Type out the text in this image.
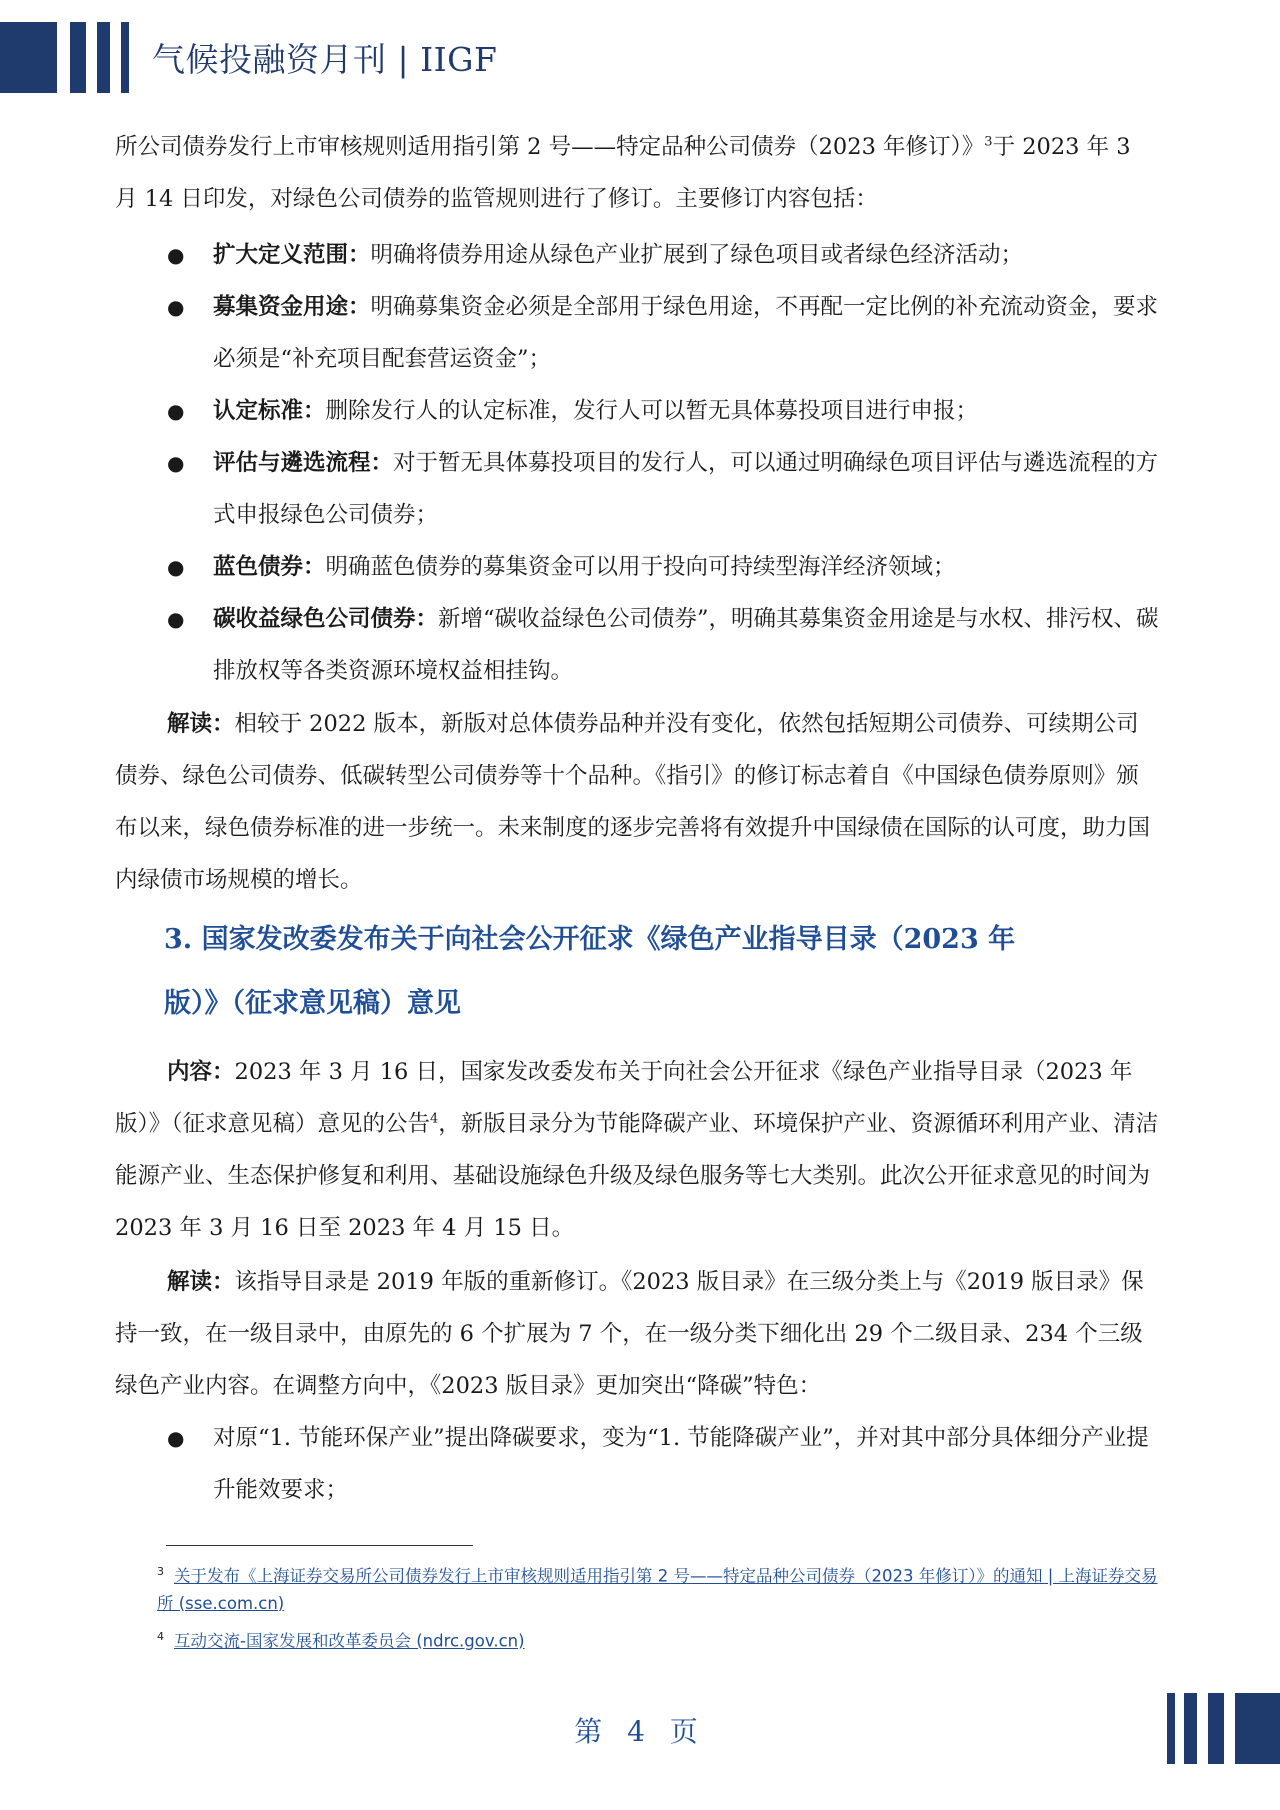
气候投融资月刊 | IIGF

所公司债券发行上市审核规则适用指引第 2 号——特定品种公司债券（2023 年修订）》$^3$于 2023 年 3 月 14 日印发，对绿色公司债券的监管规则进行了修订。主要修订内容包括：

● 扩大定义范围：明确将债券用途从绿色产业扩展到了绿色项目或者绿色经济活动；
● 募集资金用途：明确募集资金必须是全部用于绿色用途，不再配一定比例的补充流动资金，要求必须是“补充项目配套营运资金”；
● 认定标准：删除发行人的认定标准，发行人可以暂无具体募投项目进行申报；
● 评估与遴选流程：对于暂无具体募投项目的发行人，可以通过明确绿色项目评估与遴选流程的方式申报绿色公司债券；
● 蓝色债券：明确蓝色债券的募集资金可以用于投向可持续型海洋经济领域；
● 碳收益绿色公司债券：新增“碳收益绿色公司债券”，明确其募集资金用途是与水权、排污权、碳排放权等各类资源环境权益相挂钩。

解读：相较于 2022 版本，新版对总体债券品种并没有变化，依然包括短期公司债券、可续期公司债券、绿色公司债券、低碳转型公司债券等十个品种。《指引》的修订标志着自《中国绿色债券原则》颁布以来，绿色债券标准的进一步统一。未来制度的逐步完善将有效提升中国绿债在国际的认可度，助力国内绿债市场规模的增长。

3. 国家发改委发布关于向社会公开征求《绿色产业指导目录（2023 年
版）》（征求意见稿）意见

内容：2023 年 3 月 16 日，国家发改委发布关于向社会公开征求《绿色产业指导目录（2023 年版）》（征求意见稿）意见的公告$^4$，新版目录分为节能降碳产业、环境保护产业、资源循环利用产业、清洁能源产业、生态保护修复和利用、基础设施绿色升级及绿色服务等七大类别。此次公开征求意见的时间为 2023 年 3 月 16 日至 2023 年 4 月 15 日。

解读：该指导目录是 2019 年版的重新修订。《2023 版目录》在三级分类上与《2019 版目录》保持一致，在一级目录中，由原先的 6 个扩展为 7 个，在一级分类下细化出 29 个二级目录、234 个三级绿色产业内容。在调整方向中，《2023 版目录》更加突出“降碳”特色：

● 对原“1. 节能环保产业”提出降碳要求，变为“1. 节能降碳产业”，并对其中部分具体细分产业提升能效要求；
$^3$ 关于发布《上海证券交易所公司债券发行上市审核规则适用指引第 2 号——特定品种公司债券（2023 年修订）》的通知 | 上海证券交易所 (sse.com.cn)
$^4$ 互动交流-国家发展和改革委员会 (ndrc.gov.cn)
第 4 页
